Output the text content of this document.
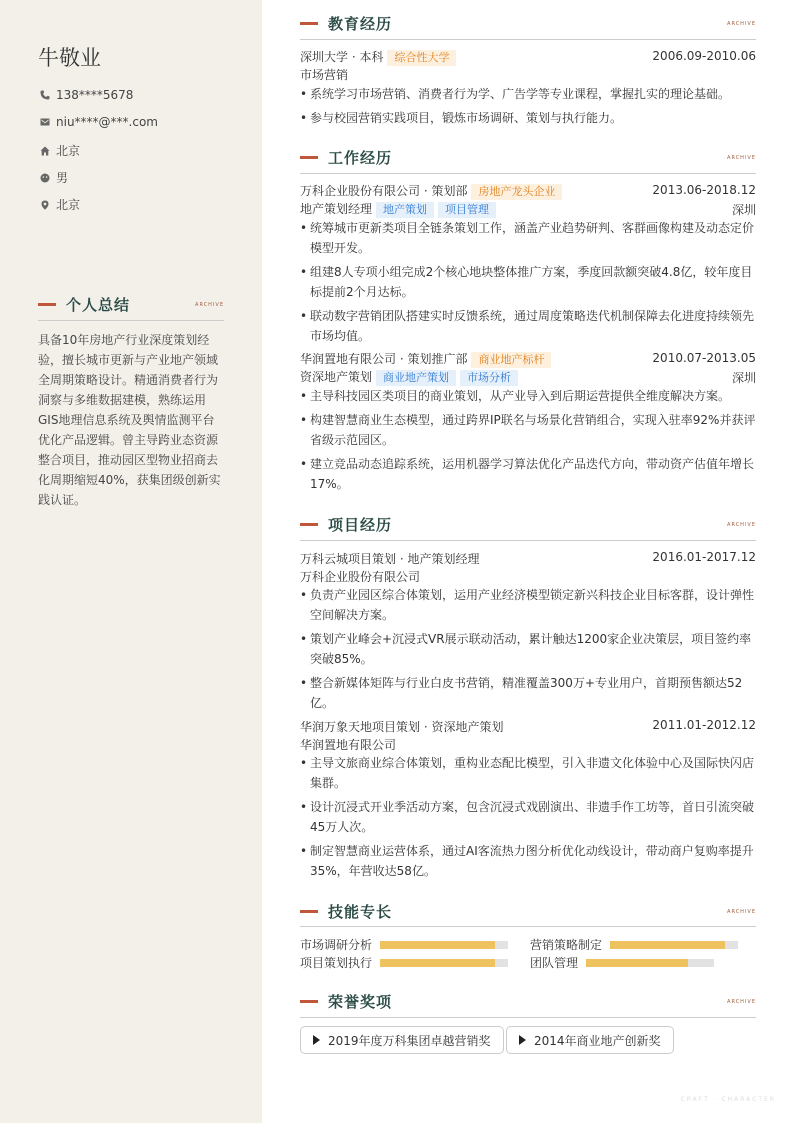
牛敬业
138****5678
niu****@***.com
北京
男
北京
个人总结	ARCHIVE
具备10年房地产行业深度策划经验，擅长城市更新与产业地产领域全周期策略设计。精通消费者行为洞察与多维数据建模，熟练运用GIS地理信息系统及舆情监测平台优化产品逻辑。曾主导跨业态资源整合项目，推动园区型物业招商去化周期缩短40%，获集团级创新实践认证。
教育经历	ARCHIVE
深圳大学 · 本科 综合性大学	2006.09-2010.06
市场营销
• 系统学习市场营销、消费者行为学、广告学等专业课程，掌握扎实的理论基础。
• 参与校园营销实践项目，锻炼市场调研、策划与执行能力。
工作经历	ARCHIVE
万科企业股份有限公司 · 策划部 房地产龙头企业	2013.06-2018.12
地产策划经理 地产策划 项目管理	深圳
• 统筹城市更新类项目全链条策划工作，涵盖产业趋势研判、客群画像构建及动态定价模型开发。
• 组建8人专项小组完成2个核心地块整体推广方案，季度回款额突破4.8亿，较年度目标提前2个月达标。
• 联动数字营销团队搭建实时反馈系统，通过周度策略迭代机制保障去化进度持续领先市场均值。
华润置地有限公司 · 策划推广部 商业地产标杆	2010.07-2013.05
资深地产策划 商业地产策划 市场分析	深圳
• 主导科技园区类项目的商业策划，从产业导入到后期运营提供全维度解决方案。
• 构建智慧商业生态模型，通过跨界IP联名与场景化营销组合，实现入驻率92%并获评省级示范园区。
• 建立竞品动态追踪系统，运用机器学习算法优化产品迭代方向，带动资产估值年增长17%。
项目经历	ARCHIVE
万科云城项目策划 · 地产策划经理	2016.01-2017.12
万科企业股份有限公司
• 负责产业园区综合体策划，运用产业经济模型锁定新兴科技企业目标客群，设计弹性空间解决方案。
• 策划产业峰会+沉浸式VR展示联动活动，累计触达1200家企业决策层，项目签约率突破85%。
• 整合新媒体矩阵与行业白皮书营销，精准覆盖300万+专业用户，首期预售额达52亿。
华润万象天地项目策划 · 资深地产策划	2011.01-2012.12
华润置地有限公司
• 主导文旅商业综合体策划，重构业态配比模型，引入非遗文化体验中心及国际快闪店集群。
• 设计沉浸式开业季活动方案，包含沉浸式戏剧演出、非遗手作工坊等，首日引流突破45万人次。
• 制定智慧商业运营体系，通过AI客流热力图分析优化动线设计，带动商户复购率提升35%，年营收达58亿。
技能专长	ARCHIVE
市场调研分析	营销策略制定
项目策划执行	团队管理
荣誉奖项	ARCHIVE
2019年度万科集团卓越营销奖	2014年商业地产创新奖
CRAFT · CHARACTER
